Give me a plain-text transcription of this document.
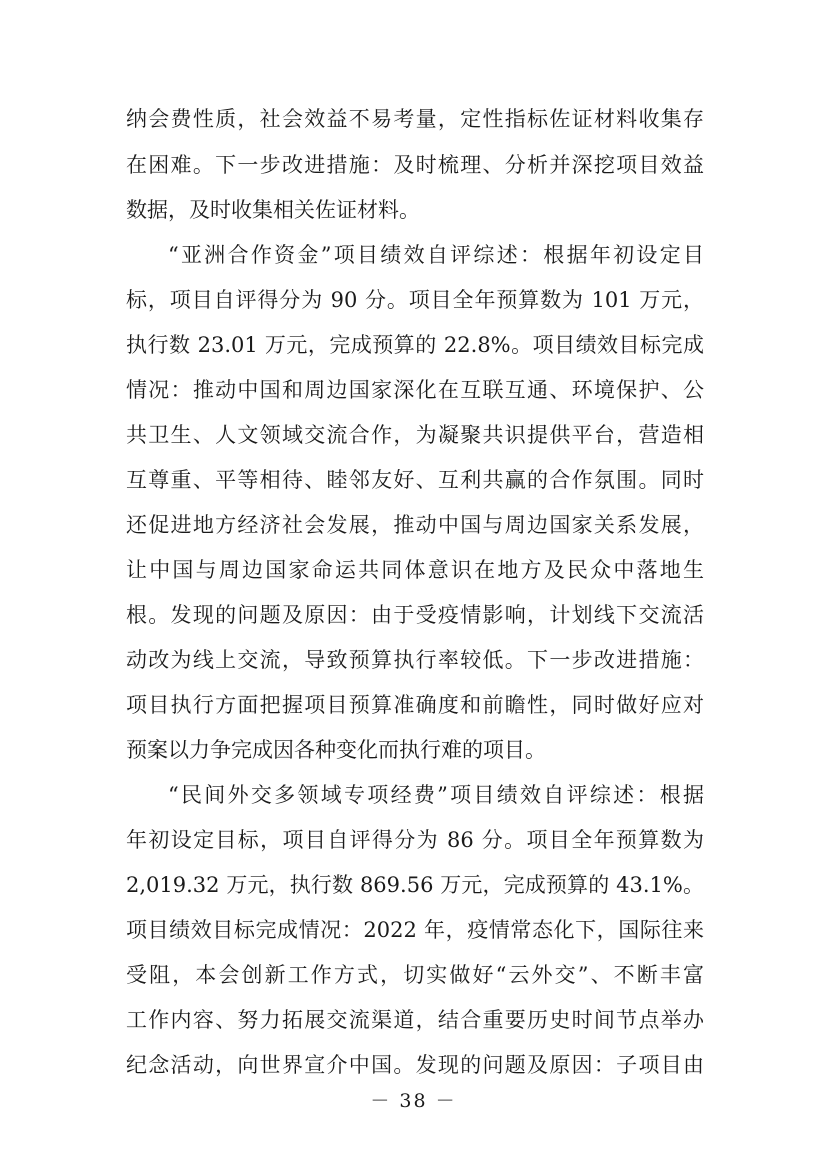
纳会费性质，社会效益不易考量，定性指标佐证材料收集存
在困难。下一步改进措施：及时梳理、分析并深挖项目效益
数据，及时收集相关佐证材料。
“亚洲合作资金”项目绩效自评综述：根据年初设定目
标，项目自评得分为 90 分。项目全年预算数为 101 万元，
执行数 23.01 万元，完成预算的 22.8%。项目绩效目标完成
情况：推动中国和周边国家深化在互联互通、环境保护、公
共卫生、人文领域交流合作，为凝聚共识提供平台，营造相
互尊重、平等相待、睦邻友好、互利共赢的合作氛围。同时
还促进地方经济社会发展，推动中国与周边国家关系发展，
让中国与周边国家命运共同体意识在地方及民众中落地生
根。发现的问题及原因：由于受疫情影响，计划线下交流活
动改为线上交流，导致预算执行率较低。下一步改进措施：
项目执行方面把握项目预算准确度和前瞻性，同时做好应对
预案以力争完成因各种变化而执行难的项目。
“民间外交多领域专项经费”项目绩效自评综述：根据
年初设定目标，项目自评得分为 86 分。项目全年预算数为
2,019.32 万元，执行数 869.56 万元，完成预算的 43.1%。
项目绩效目标完成情况：2022 年，疫情常态化下，国际往来
受阻，本会创新工作方式，切实做好“云外交”、不断丰富
工作内容、努力拓展交流渠道，结合重要历史时间节点举办
纪念活动，向世界宣介中国。发现的问题及原因：子项目由
－ 38 －
